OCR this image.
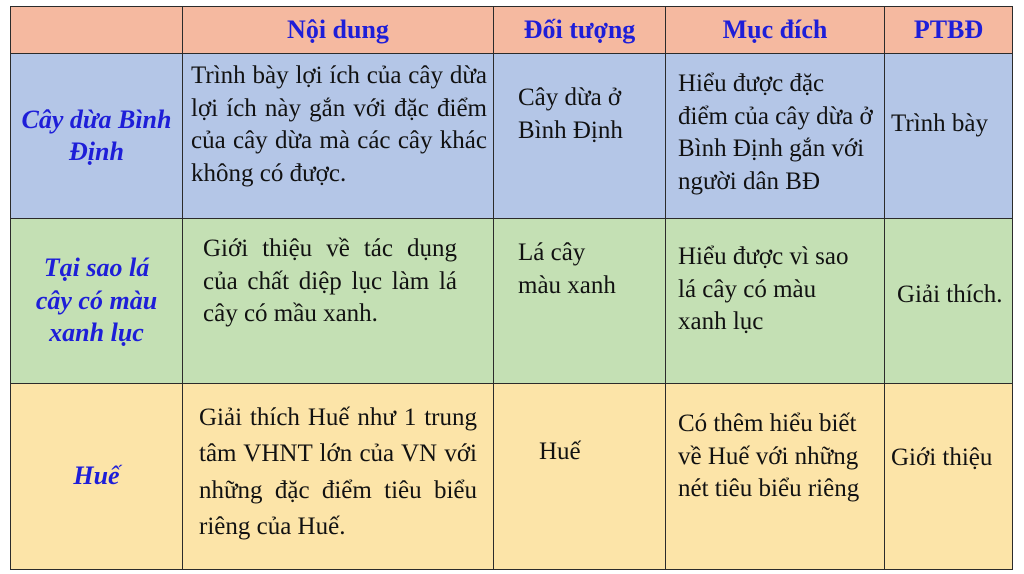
	Nội dung	Đối tượng	Mục đích	PTBĐ

Cây dừa Bình Định	Trình bày lợi ích của cây dừa lợi ích này gắn với đặc điểm của cây dừa mà các cây khác không có được.	Cây dừa ở Bình Định	Hiểu được đặc điểm của cây dừa ở Bình Định gắn với người dân BĐ	Trình bày

Tại sao lá cây có màu xanh lục	Giới thiệu về tác dụng của chất diệp lục làm lá cây có mầu xanh.	Lá cây màu xanh	Hiểu được vì sao lá cây có màu xanh lục	Giải thích.

Huế	Giải thích Huế như 1 trung tâm VHNT lớn của VN với những đặc điểm tiêu biểu riêng của Huế.	Huế	Có thêm hiểu biết về Huế với những nét tiêu biểu riêng	Giới thiệu
